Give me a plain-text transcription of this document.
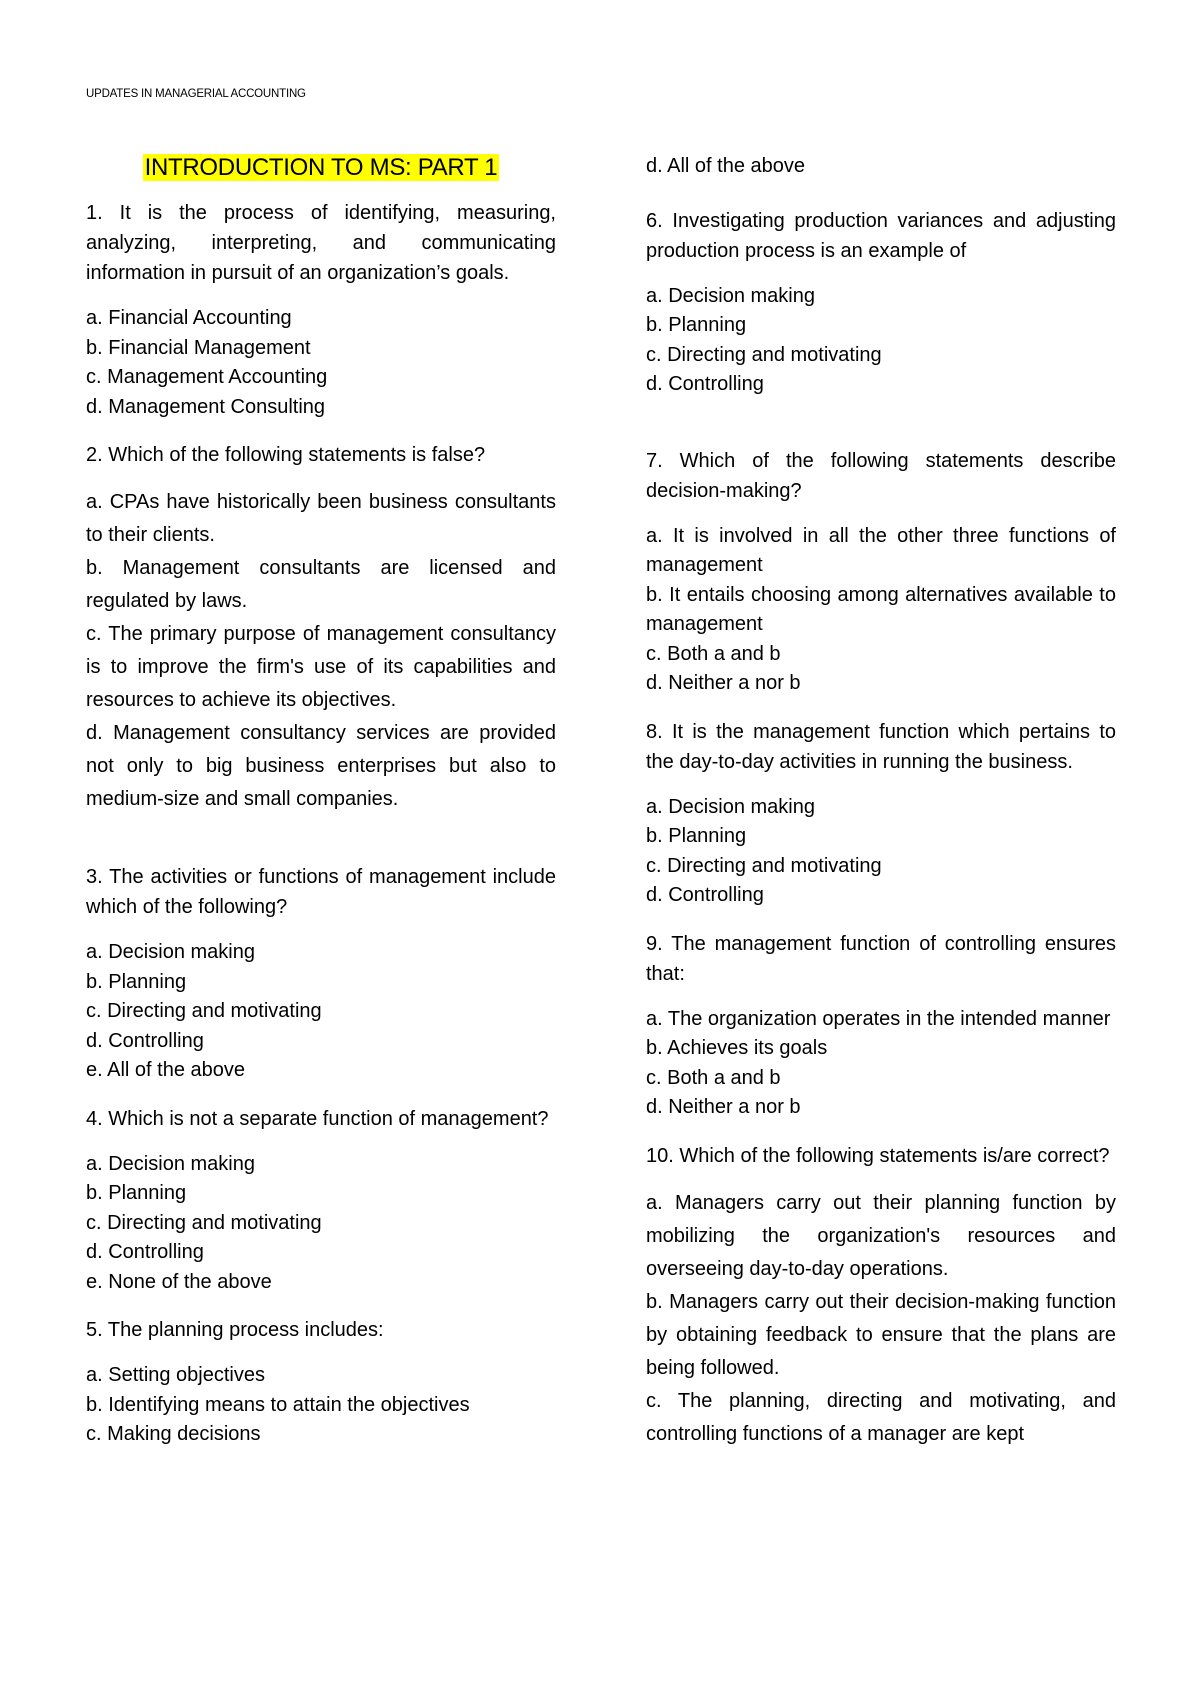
UPDATES IN MANAGERIAL ACCOUNTING
INTRODUCTION TO MS: PART 1
1. It is the process of identifying, measuring, analyzing, interpreting, and communicating information in pursuit of an organization’s goals.
a. Financial Accounting
b. Financial Management
c. Management Accounting
d. Management Consulting
2. Which of the following statements is false?
a. CPAs have historically been business consultants to their clients.
b. Management consultants are licensed and regulated by laws.
c. The primary purpose of management consultancy is to improve the firm's use of its capabilities and resources to achieve its objectives.
d. Management consultancy services are provided not only to big business enterprises but also to medium-size and small companies.
3. The activities or functions of management include which of the following?
a. Decision making
b. Planning
c. Directing and motivating
d. Controlling
e. All of the above
4. Which is not a separate function of management?
a. Decision making
b. Planning
c. Directing and motivating
d. Controlling
e. None of the above
5. The planning process includes:
a. Setting objectives
b. Identifying means to attain the objectives
c. Making decisions
d. All of the above
6. Investigating production variances and adjusting production process is an example of
a. Decision making
b. Planning
c. Directing and motivating
d. Controlling
7. Which of the following statements describe decision-making?
a. It is involved in all the other three functions of management
b. It entails choosing among alternatives available to management
c. Both a and b
d. Neither a nor b
8. It is the management function which pertains to the day-to-day activities in running the business.
a. Decision making
b. Planning
c. Directing and motivating
d. Controlling
9. The management function of controlling ensures that:
a. The organization operates in the intended manner
b. Achieves its goals
c. Both a and b
d. Neither a nor b
10. Which of the following statements is/are correct?
a. Managers carry out their planning function by mobilizing the organization's resources and overseeing day-to-day operations.
b. Managers carry out their decision-making function by obtaining feedback to ensure that the plans are being followed.
c. The planning, directing and motivating, and controlling functions of a manager are kept
